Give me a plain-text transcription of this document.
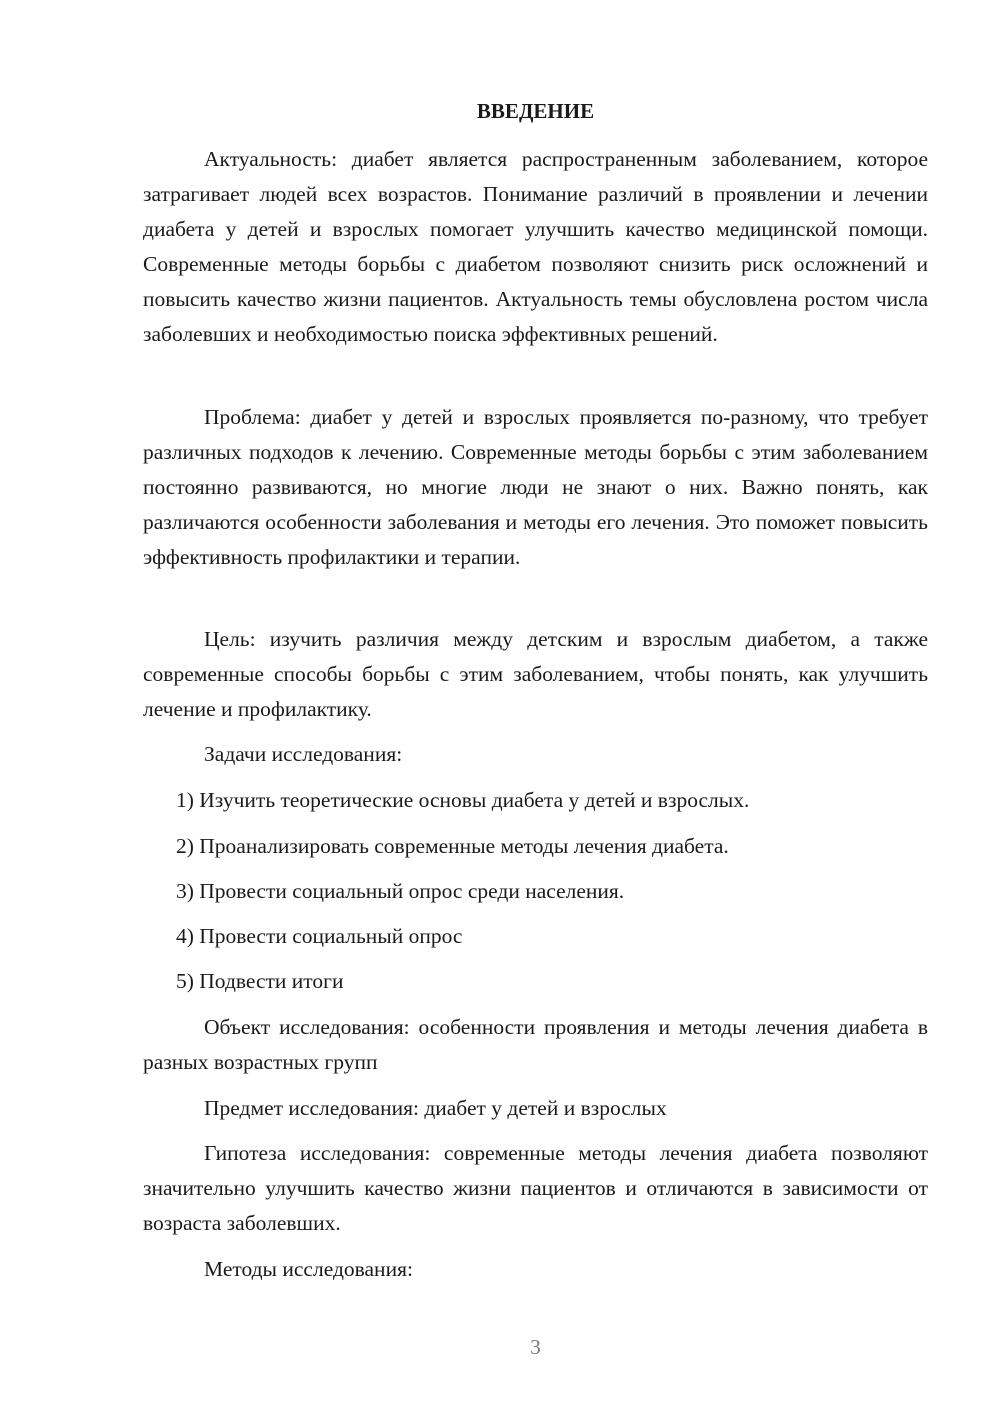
ВВЕДЕНИЕ

Актуальность: диабет является распространенным заболеванием, которое затрагивает людей всех возрастов. Понимание различий в проявлении и лечении диабета у детей и взрослых помогает улучшить качество медицинской помощи. Современные методы борьбы с диабетом позволяют снизить риск осложнений и повысить качество жизни пациентов. Актуальность темы обусловлена ростом числа заболевших и необходимостью поиска эффективных решений.

Проблема: диабет у детей и взрослых проявляется по-разному, что требует различных подходов к лечению. Современные методы борьбы с этим заболеванием постоянно развиваются, но многие люди не знают о них. Важно понять, как различаются особенности заболевания и методы его лечения. Это поможет повысить эффективность профилактики и терапии.

Цель: изучить различия между детским и взрослым диабетом, а также современные способы борьбы с этим заболеванием, чтобы понять, как улучшить лечение и профилактику.

Задачи исследования:

1) Изучить теоретические основы диабета у детей и взрослых.

2) Проанализировать современные методы лечения диабета.

3) Провести социальный опрос среди населения.

4) Провести социальный опрос

5) Подвести итоги

Объект исследования: особенности проявления и методы лечения диабета в разных возрастных групп

Предмет исследования: диабет у детей и взрослых

Гипотеза исследования: современные методы лечения диабета позволяют значительно улучшить качество жизни пациентов и отличаются в зависимости от возраста заболевших.

Методы исследования:

3
